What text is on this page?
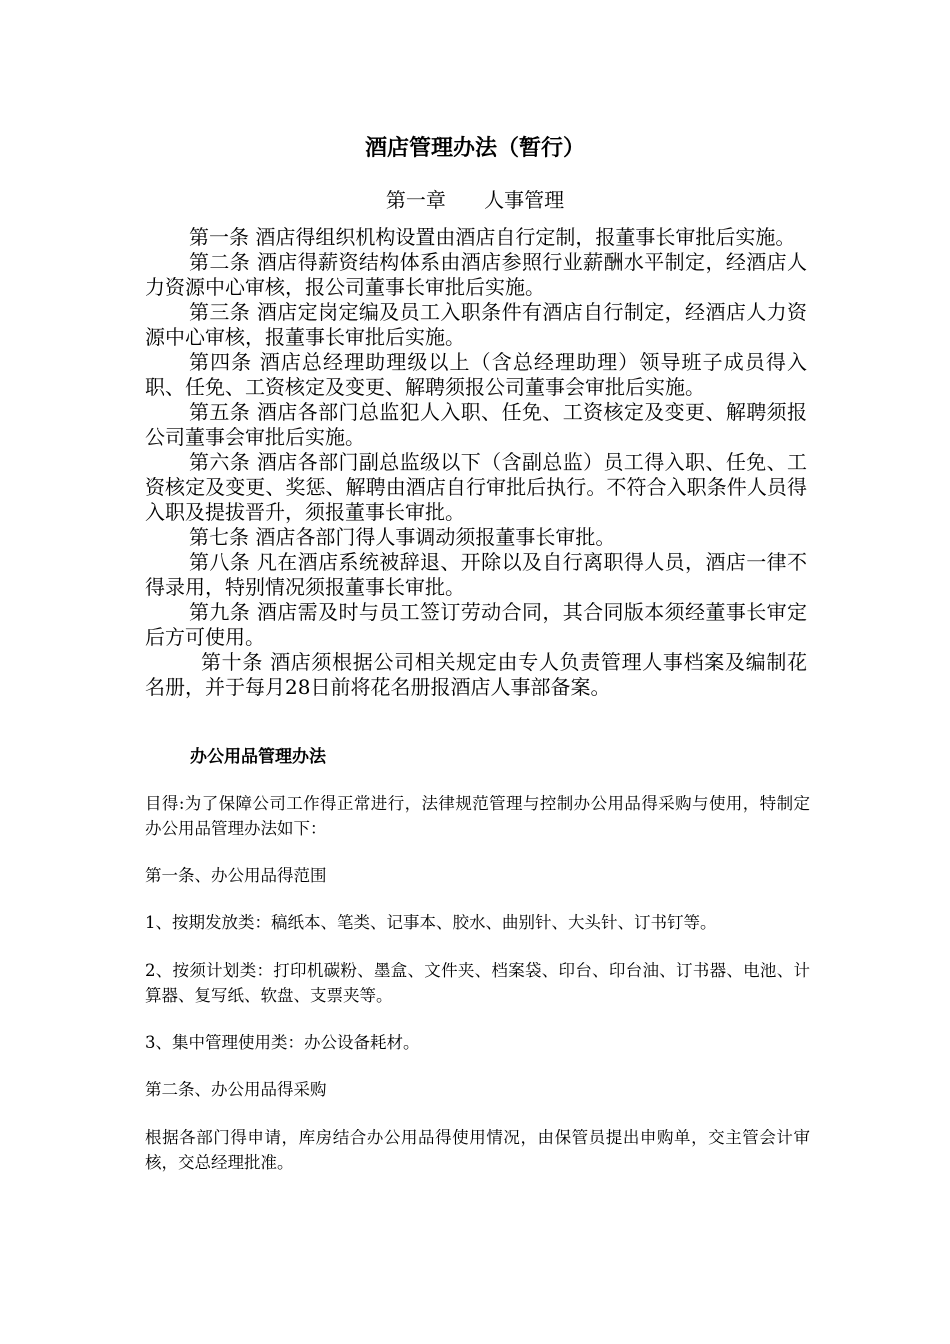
酒店管理办法（暂行）
第一章      人事管理

第一条 酒店得组织机构设置由酒店自行定制，报董事长审批后实施。

第二条 酒店得薪资结构体系由酒店参照行业薪酬水平制定，经酒店人力资源中心审核，报公司董事长审批后实施。

第三条 酒店定岗定编及员工入职条件有酒店自行制定，经酒店人力资源中心审核，报董事长审批后实施。

第四条 酒店总经理助理级以上（含总经理助理）领导班子成员得入职、任免、工资核定及变更、解聘须报公司董事会审批后实施。

第五条 酒店各部门总监犯人入职、任免、工资核定及变更、解聘须报公司董事会审批后实施。

第六条 酒店各部门副总监级以下（含副总监）员工得入职、任免、工资核定及变更、奖惩、解聘由酒店自行审批后执行。不符合入职条件人员得入职及提拔晋升，须报董事长审批。

第七条 酒店各部门得人事调动须报董事长审批。

第八条 凡在酒店系统被辞退、开除以及自行离职得人员，酒店一律不得录用，特别情况须报董事长审批。

第九条 酒店需及时与员工签订劳动合同，其合同版本须经董事长审定后方可使用。

第十条 酒店须根据公司相关规定由专人负责管理人事档案及编制花名册，并于每月28日前将花名册报酒店人事部备案。

办公用品管理办法

目得:为了保障公司工作得正常进行，法律规范管理与控制办公用品得采购与使用，特制定办公用品管理办法如下：

第一条、办公用品得范围

1、按期发放类：稿纸本、笔类、记事本、胶水、曲别针、大头针、订书钉等。

2、按须计划类：打印机碳粉、墨盒、文件夹、档案袋、印台、印台油、订书器、电池、计算器、复写纸、软盘、支票夹等。

3、集中管理使用类：办公设备耗材。

第二条、办公用品得采购

根据各部门得申请，库房结合办公用品得使用情况，由保管员提出申购单，交主管会计审核，交总经理批准。
